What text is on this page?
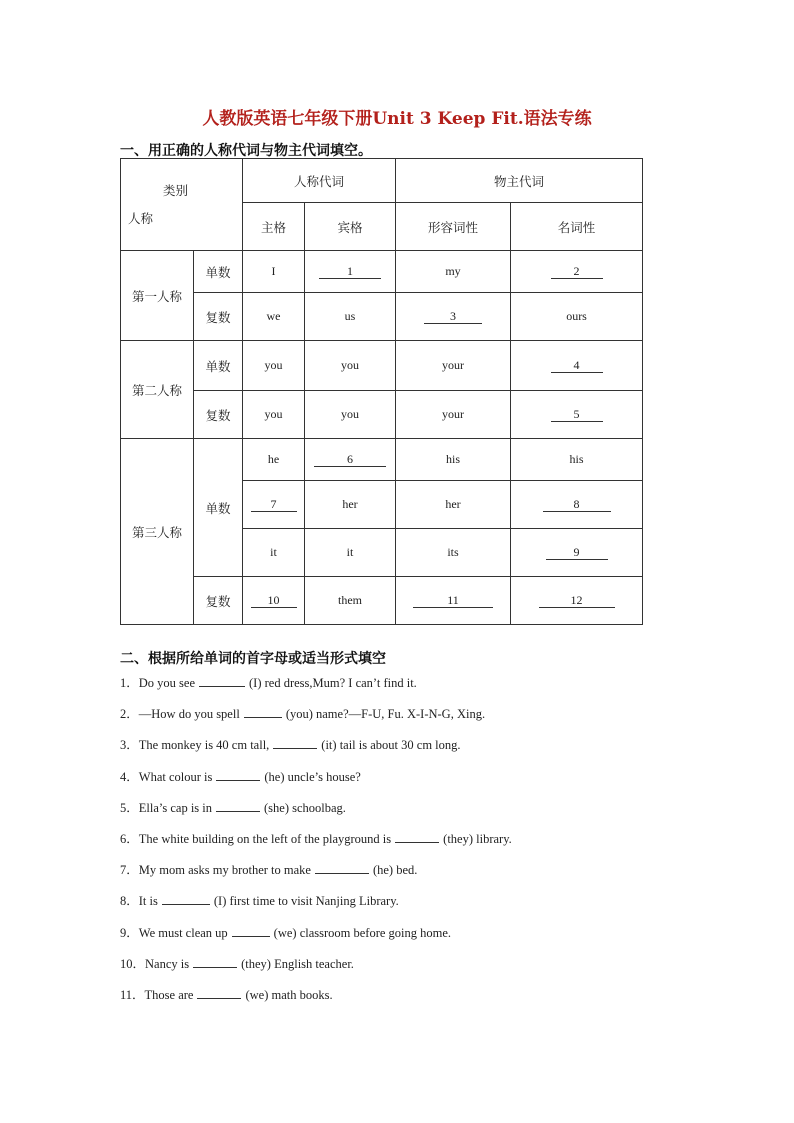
人教版英语七年级下册Unit 3 Keep Fit.语法专练
一、用正确的人称代词与物主代词填空。
类别
人称		人称代词		物主代词	
		主格	宾格	形容词性	名词性
第一人称	单数	I	1	my	2
	复数	we	us	3	ours
第二人称	单数	you	you	your	4
	复数	you	you	your	5
第三人称	单数	he	6	his	his
		7	her	her	8
		it	it	its	9
	复数	10	them	11	12
二、根据所给单词的首字母或适当形式填空
1．Do you see	(I) red dress,Mum? I can’t find it.
2．—How do you spell	(you) name?—F-U, Fu. X-I-N-G, Xing.
3．The monkey is 40 cm tall,	(it) tail is about 30 cm long.
4．What colour is	(he) uncle’s house?
5．Ella’s cap is in	(she) schoolbag.
6．The white building on the left of the playground is	(they) library.
7．My mom asks my brother to make	(he) bed.
8．It is	(I) first time to visit Nanjing Library.
9．We must clean up	(we) classroom before going home.
10．Nancy is	(they) English teacher.
11．Those are	(we) math books.
